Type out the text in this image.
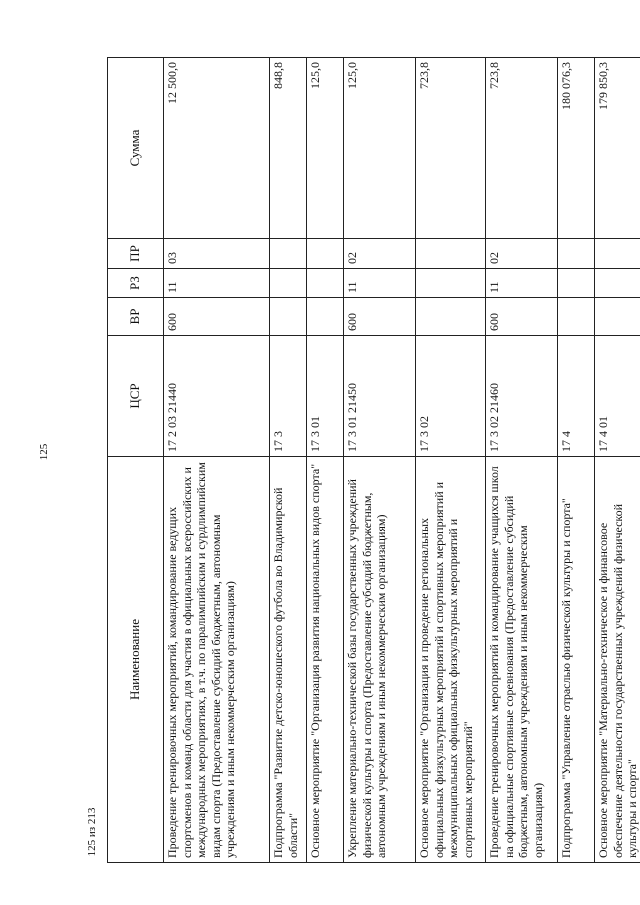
125
Наименование	ЦСР	ВР	РЗ	ПР	Сумма
Проведение тренировочных мероприятий, командирование ведущих спортсменов и команд области для участия в официальных всероссийских и международных мероприятиях, в т.ч. по паралимпийским и сурдлимпийским видам спорта (Предоставление субсидий бюджетным, автономным учреждениям и иным некоммерческим организациям)	17 2 03 21440	600	11	03	12 500,0
Подпрограмма "Развитие детско-юношеского футбола во Владимирской области"	17 3				848,8
Основное мероприятие "Организация развития национальных видов спорта"	17 3 01				125,0
Укрепление материально-технической базы государственных учреждений физической культуры и спорта (Предоставление субсидий бюджетным, автономным учреждениям и иным некоммерческим организациям)	17 3 01 21450	600	11	02	125,0
Основное мероприятие "Организация и проведение региональных официальных физкультурных мероприятий и спортивных мероприятий и межмуниципальных официальных физкультурных мероприятий и спортивных мероприятий"	17 3 02				723,8
Проведение тренировочных мероприятий и командирование учащихся школ на официальные спортивные соревнования (Предоставление субсидий бюджетным, автономным учреждениям и иным некоммерческим организациям)	17 3 02 21460	600	11	02	723,8
Подпрограмма "Управление отраслью физической культуры и спорта"	17 4				180 076,3
Основное мероприятие "Материально-техническое и финансовое обеспечение деятельности государственных учреждений физической культуры и спорта"	17 4 01				179 850,3
125 из 213
